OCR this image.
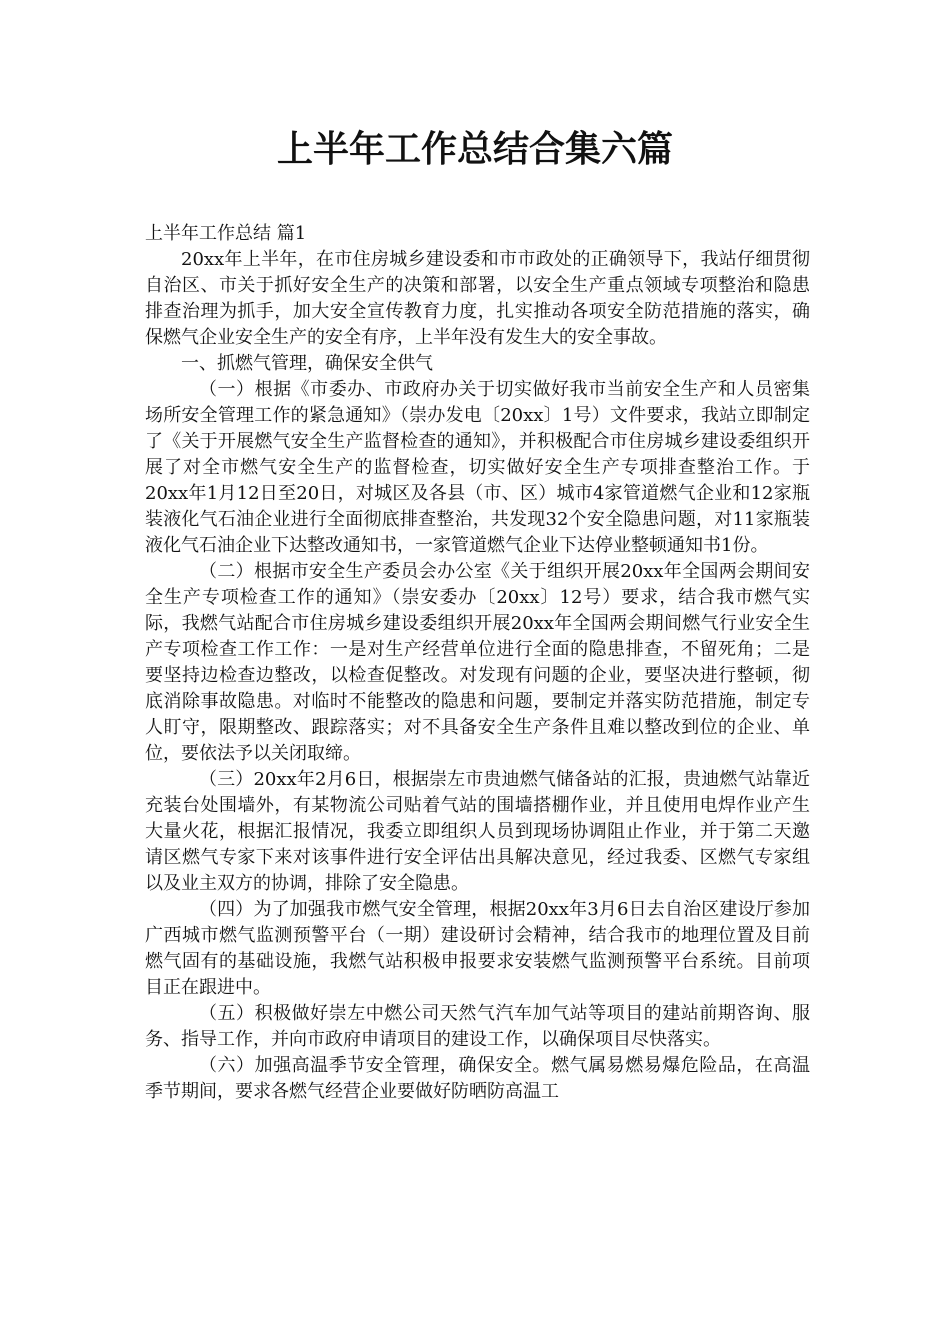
上半年工作总结合集六篇

上半年工作总结 篇1

20xx年上半年，在市住房城乡建设委和市市政处的正确领导下，我站仔细贯彻自治区、市关于抓好安全生产的决策和部署，以安全生产重点领域专项整治和隐患排查治理为抓手，加大安全宣传教育力度，扎实推动各项安全防范措施的落实，确保燃气企业安全生产的安全有序，上半年没有发生大的安全事故。

一、抓燃气管理，确保安全供气

（一）根据《市委办、市政府办关于切实做好我市当前安全生产和人员密集场所安全管理工作的紧急通知》（崇办发电〔20xx〕1号）文件要求，我站立即制定了《关于开展燃气安全生产监督检查的通知》，并积极配合市住房城乡建设委组织开展了对全市燃气安全生产的监督检查，切实做好安全生产专项排查整治工作。于20xx年1月12日至20日，对城区及各县（市、区）城市4家管道燃气企业和12家瓶装液化气石油企业进行全面彻底排查整治，共发现32个安全隐患问题，对11家瓶装液化气石油企业下达整改通知书，一家管道燃气企业下达停业整顿通知书1份。

（二）根据市安全生产委员会办公室《关于组织开展20xx年全国两会期间安全生产专项检查工作的通知》（崇安委办〔20xx〕12号）要求，结合我市燃气实际，我燃气站配合市住房城乡建设委组织开展20xx年全国两会期间燃气行业安全生产专项检查工作工作：一是对生产经营单位进行全面的隐患排查，不留死角；二是要坚持边检查边整改，以检查促整改。对发现有问题的企业，要坚决进行整顿，彻底消除事故隐患。对临时不能整改的隐患和问题，要制定并落实防范措施，制定专人盯守，限期整改、跟踪落实；对不具备安全生产条件且难以整改到位的企业、单位，要依法予以关闭取缔。

（三）20xx年2月6日，根据崇左市贵迪燃气储备站的汇报，贵迪燃气站靠近充装台处围墙外，有某物流公司贴着气站的围墙搭棚作业，并且使用电焊作业产生大量火花，根据汇报情况，我委立即组织人员到现场协调阻止作业，并于第二天邀请区燃气专家下来对该事件进行安全评估出具解决意见，经过我委、区燃气专家组以及业主双方的协调，排除了安全隐患。

（四）为了加强我市燃气安全管理，根据20xx年3月6日去自治区建设厅参加广西城市燃气监测预警平台（一期）建设研讨会精神，结合我市的地理位置及目前燃气固有的基础设施，我燃气站积极申报要求安装燃气监测预警平台系统。目前项目正在跟进中。

（五）积极做好崇左中燃公司天然气汽车加气站等项目的建站前期咨询、服务、指导工作，并向市政府申请项目的建设工作，以确保项目尽快落实。

（六）加强高温季节安全管理，确保安全。燃气属易燃易爆危险品，在高温季节期间，要求各燃气经营企业要做好防晒防高温工
